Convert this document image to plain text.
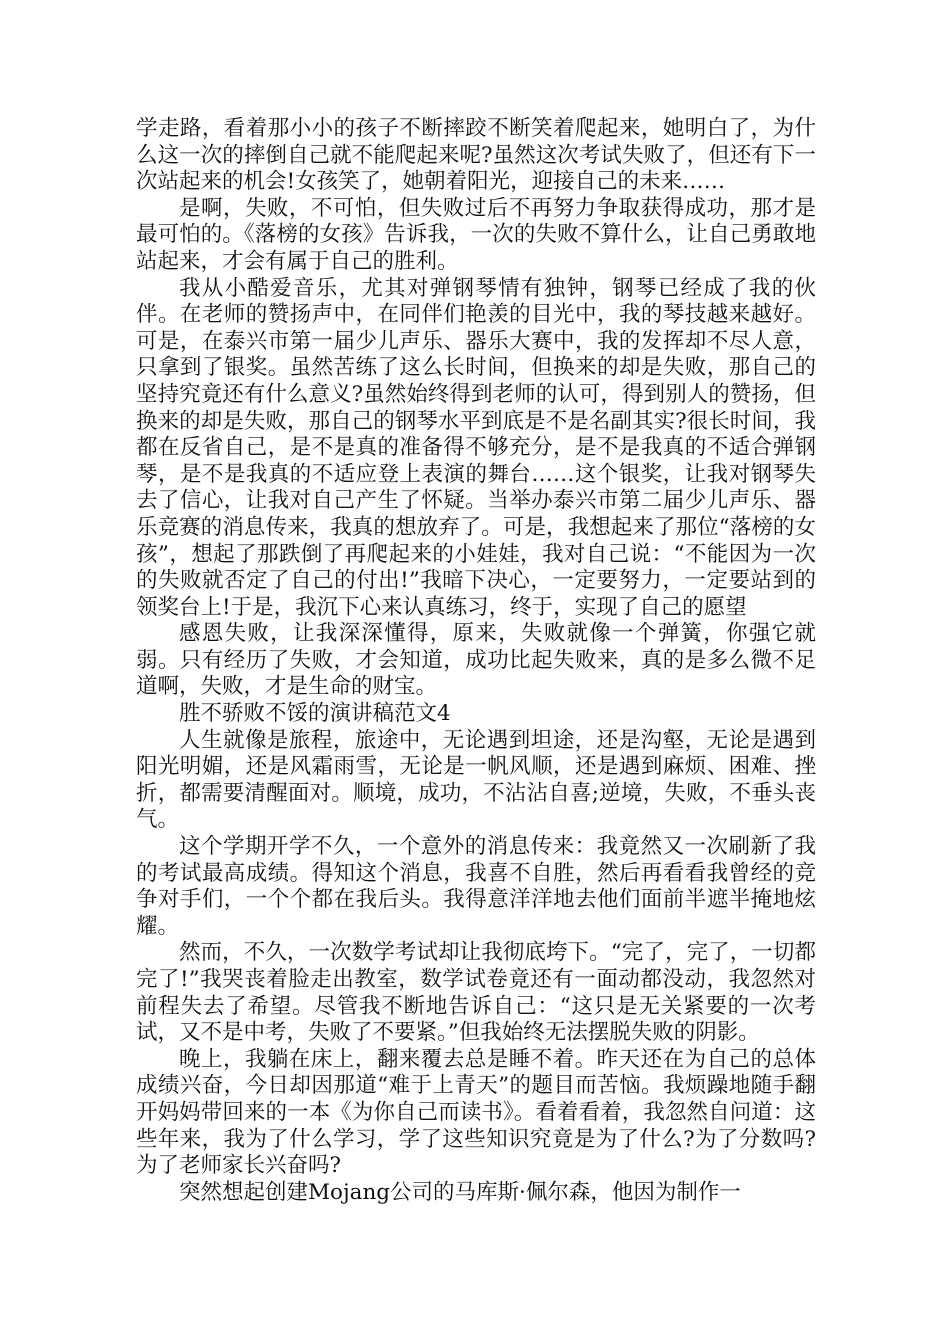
学走路，看着那小小的孩子不断摔跤不断笑着爬起来，她明白了，为什么这一次的摔倒自己就不能爬起来呢?虽然这次考试失败了，但还有下一次站起来的机会!女孩笑了，她朝着阳光，迎接自己的未来……

是啊，失败，不可怕，但失败过后不再努力争取获得成功，那才是最可怕的。《落榜的女孩》告诉我，一次的失败不算什么，让自己勇敢地站起来，才会有属于自己的胜利。

我从小酷爱音乐，尤其对弹钢琴情有独钟，钢琴已经成了我的伙伴。在老师的赞扬声中，在同伴们艳羡的目光中，我的琴技越来越好。可是，在泰兴市第一届少儿声乐、器乐大赛中，我的发挥却不尽人意，只拿到了银奖。虽然苦练了这么长时间，但换来的却是失败，那自己的坚持究竟还有什么意义?虽然始终得到老师的认可，得到别人的赞扬，但换来的却是失败，那自己的钢琴水平到底是不是名副其实?很长时间，我都在反省自己，是不是真的准备得不够充分，是不是我真的不适合弹钢琴，是不是我真的不适应登上表演的舞台……这个银奖，让我对钢琴失去了信心，让我对自己产生了怀疑。当举办泰兴市第二届少儿声乐、器乐竞赛的消息传来，我真的想放弃了。可是，我想起来了那位“落榜的女孩”，想起了那跌倒了再爬起来的小娃娃，我对自己说：“不能因为一次的失败就否定了自己的付出!”我暗下决心，一定要努力，一定要站到的领奖台上!于是，我沉下心来认真练习，终于，实现了自己的愿望

感恩失败，让我深深懂得，原来，失败就像一个弹簧，你强它就弱。只有经历了失败，才会知道，成功比起失败来，真的是多么微不足道啊，失败，才是生命的财宝。

胜不骄败不馁的演讲稿范文4

人生就像是旅程，旅途中，无论遇到坦途，还是沟壑，无论是遇到阳光明媚，还是风霜雨雪，无论是一帆风顺，还是遇到麻烦、困难、挫折，都需要清醒面对。顺境，成功，不沾沾自喜;逆境，失败，不垂头丧气。

这个学期开学不久，一个意外的消息传来：我竟然又一次刷新了我的考试最高成绩。得知这个消息，我喜不自胜，然后再看看我曾经的竞争对手们，一个个都在我后头。我得意洋洋地去他们面前半遮半掩地炫耀。

然而，不久，一次数学考试却让我彻底垮下。“完了，完了，一切都完了!”我哭丧着脸走出教室，数学试卷竟还有一面动都没动，我忽然对前程失去了希望。尽管我不断地告诉自己：“这只是无关紧要的一次考试，又不是中考，失败了不要紧。”但我始终无法摆脱失败的阴影。

晚上，我躺在床上，翻来覆去总是睡不着。昨天还在为自己的总体成绩兴奋，今日却因那道“难于上青天”的题目而苦恼。我烦躁地随手翻开妈妈带回来的一本《为你自己而读书》。看着看着，我忽然自问道：这些年来，我为了什么学习，学了这些知识究竟是为了什么?为了分数吗?为了老师家长兴奋吗?

突然想起创建Mojang公司的马库斯·佩尔森，他因为制作一
